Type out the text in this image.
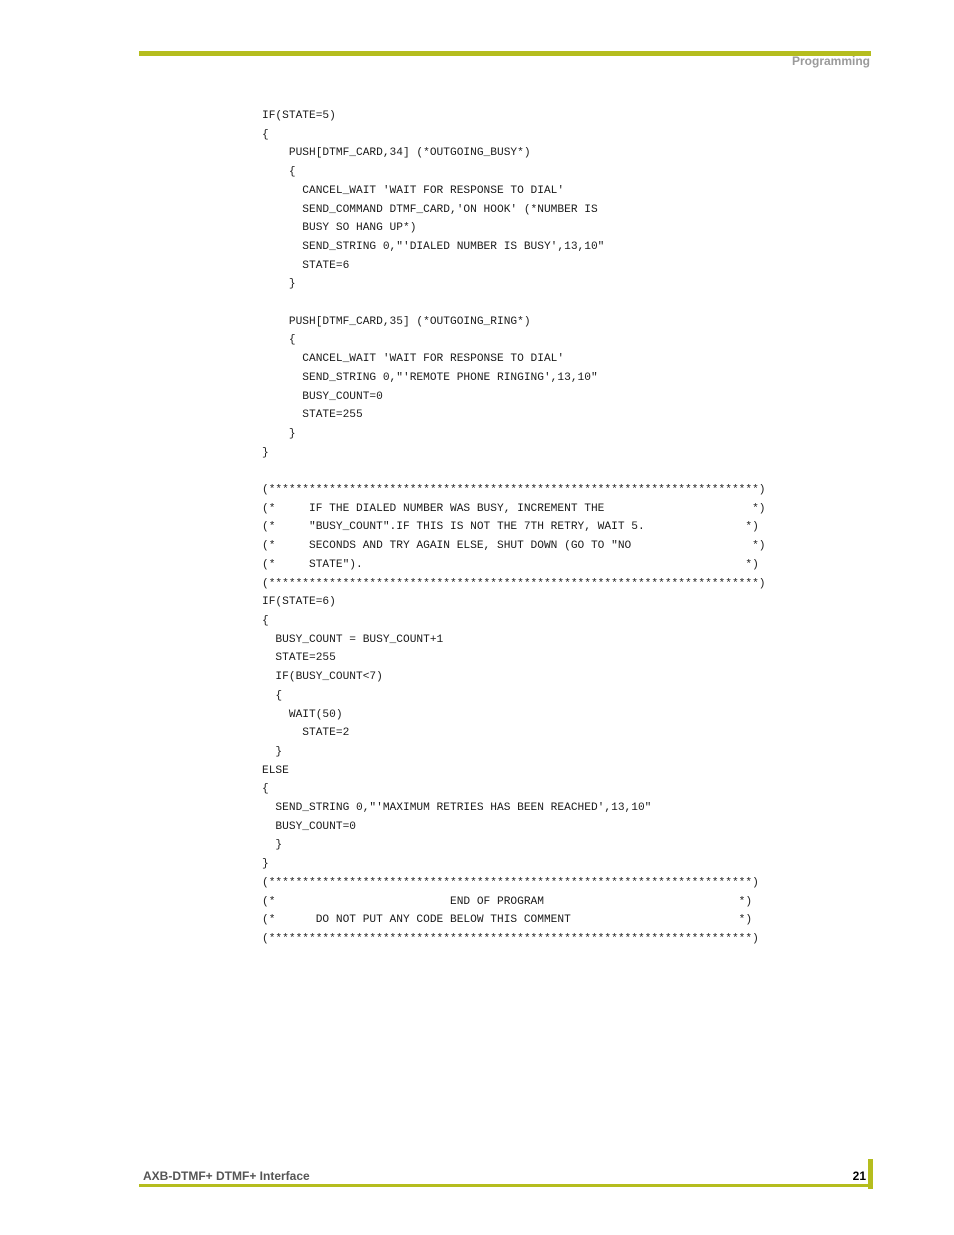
Programming
IF(STATE=5)
{
PUSH[DTMF_CARD,34] (*OUTGOING_BUSY*)
{
CANCEL_WAIT 'WAIT FOR RESPONSE TO DIAL'
SEND_COMMAND DTMF_CARD,'ON HOOK' (*NUMBER IS
BUSY SO HANG UP*)
SEND_STRING 0,"'DIALED NUMBER IS BUSY',13,10"
STATE=6
}

PUSH[DTMF_CARD,35] (*OUTGOING_RING*)
{
CANCEL_WAIT 'WAIT FOR RESPONSE TO DIAL'
SEND_STRING 0,"'REMOTE PHONE RINGING',13,10"
BUSY_COUNT=0
STATE=255
}
}

(*************************************************************************)
(*     IF THE DIALED NUMBER WAS BUSY, INCREMENT THE                      *)
(*     "BUSY_COUNT".IF THIS IS NOT THE 7TH RETRY, WAIT 5.               *)
(*     SECONDS AND TRY AGAIN ELSE, SHUT DOWN (GO TO "NO                  *)
(*     STATE").                                                         *)
(*************************************************************************)
IF(STATE=6)
{
BUSY_COUNT = BUSY_COUNT+1
STATE=255
IF(BUSY_COUNT<7)
{
WAIT(50)
STATE=2
}
ELSE
{
SEND_STRING 0,"'MAXIMUM RETRIES HAS BEEN REACHED',13,10"
BUSY_COUNT=0
}
}
(************************************************************************)
(*                          END OF PROGRAM                             *)
(*      DO NOT PUT ANY CODE BELOW THIS COMMENT                         *)
(************************************************************************)
AXB-DTMF+ DTMF+ Interface	21
